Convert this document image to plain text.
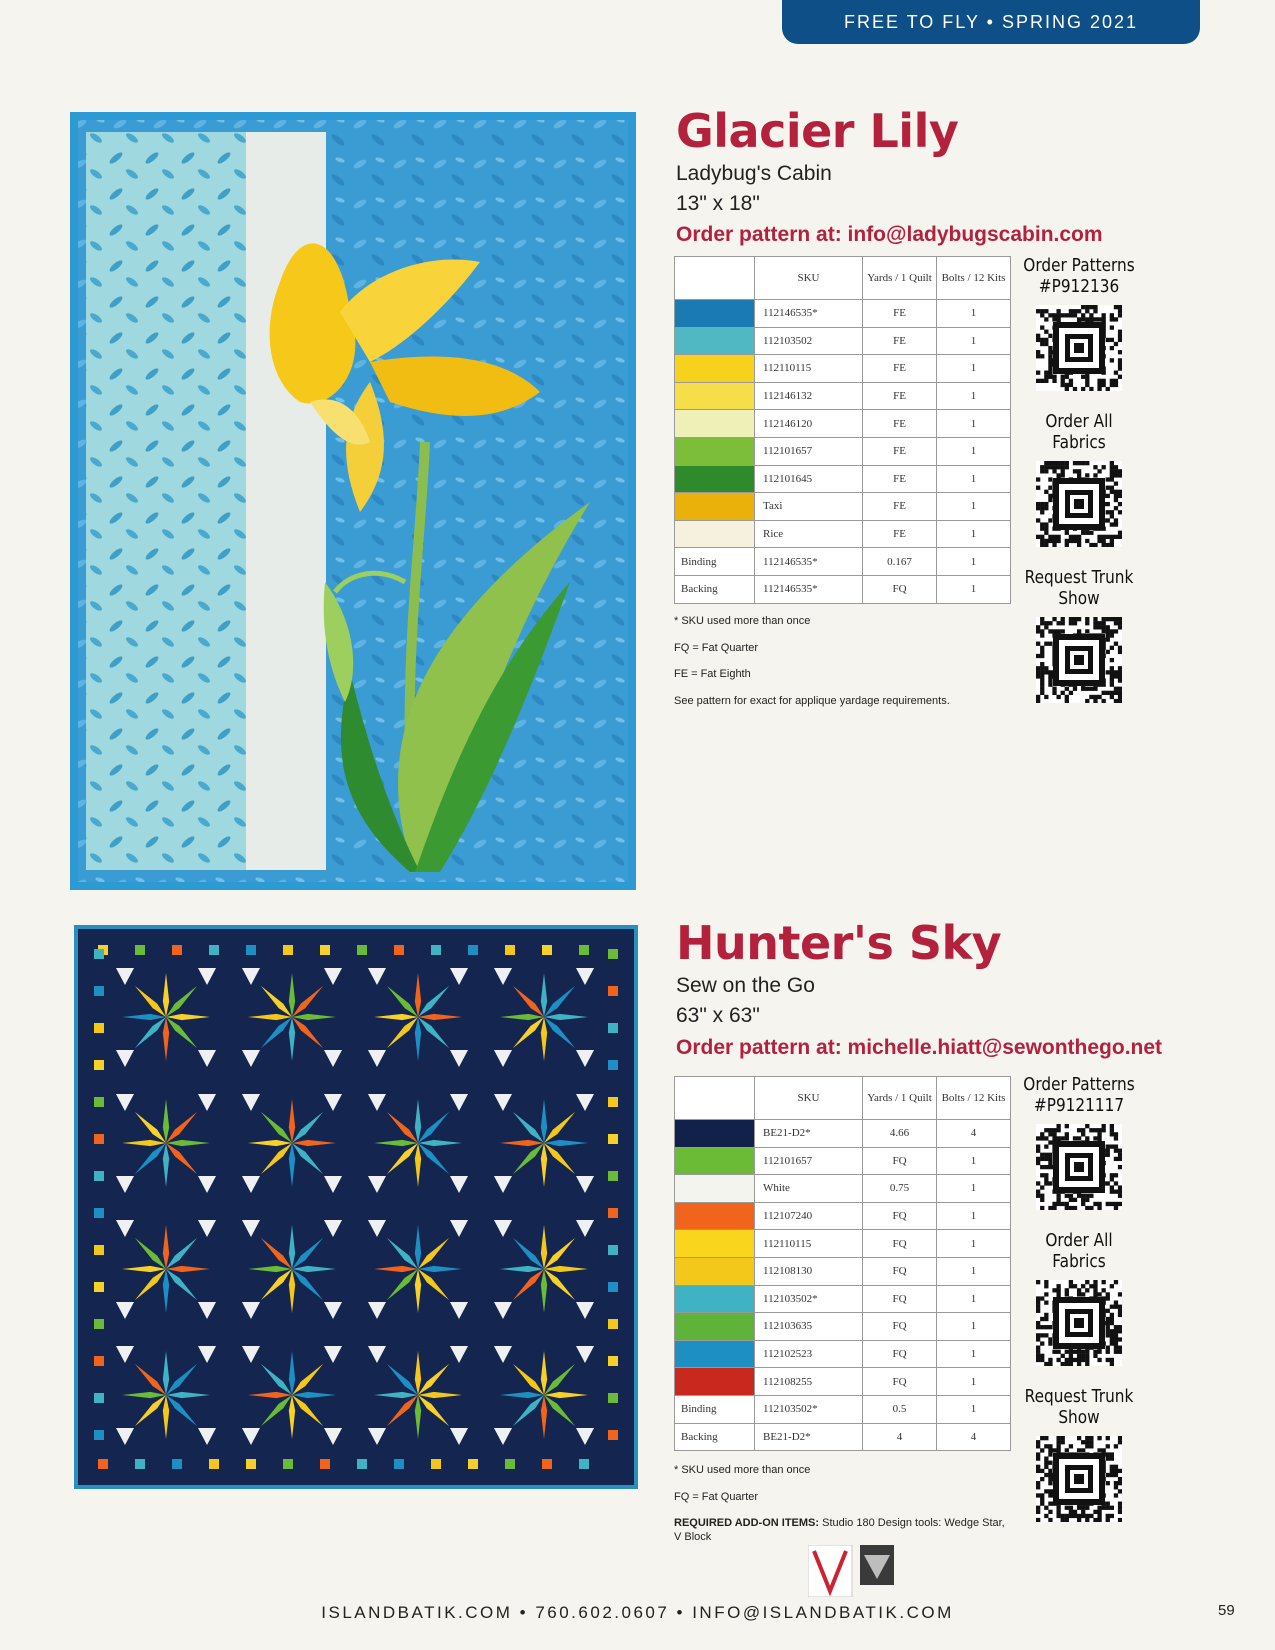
FREE TO FLY • SPRING 2021
Glacier Lily
Ladybug's Cabin
13" x 18"
Order pattern at: info@ladybugscabin.com
	SKU	Yards / 1 Quilt	Bolts / 12 Kits
	112146535*	FE	1
	112103502	FE	1
	112110115	FE	1
	112146132	FE	1
	112146120	FE	1
	112101657	FE	1
	112101645	FE	1
	Taxi	FE	1
	Rice	FE	1
Binding	112146535*	0.167	1
Backing	112146535*	FQ	1
* SKU used more than once
FQ = Fat Quarter
FE = Fat Eighth
See pattern for exact for applique yardage requirements.
Order Patterns #P912136
Order All Fabrics
Request Trunk Show
Hunter's Sky
Sew on the Go
63" x 63"
Order pattern at: michelle.hiatt@sewonthego.net
	SKU	Yards / 1 Quilt	Bolts / 12 Kits
	BE21-D2*	4.66	4
	112101657	FQ	1
	White	0.75	1
	112107240	FQ	1
	112110115	FQ	1
	112108130	FQ	1
	112103502*	FQ	1
	112103635	FQ	1
	112102523	FQ	1
	112108255	FQ	1
Binding	112103502*	0.5	1
Backing	BE21-D2*	4	4
* SKU used more than once
FQ = Fat Quarter
REQUIRED ADD-ON ITEMS: Studio 180 Design tools: Wedge Star, V Block
Order Patterns #P9121117
Order All Fabrics
Request Trunk Show
ISLANDBATIK.COM • 760.602.0607 • INFO@ISLANDBATIK.COM	59
